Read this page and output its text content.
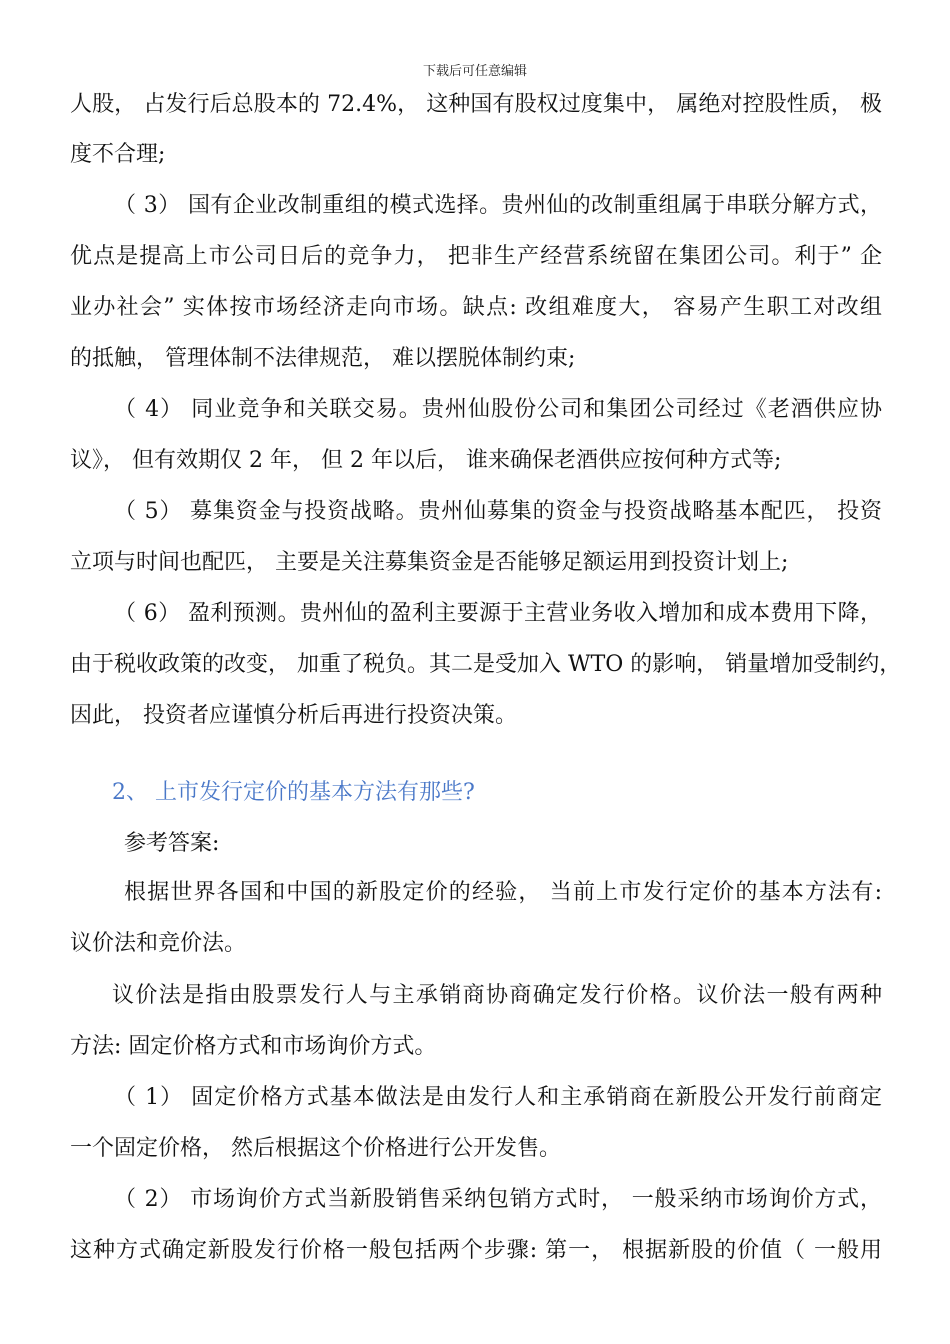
下载后可任意编辑
人股， 占发行后总股本的 72.4%， 这种国有股权过度集中， 属绝对控股性质， 极
度不合理;
（ 3） 国有企业改制重组的模式选择。贵州仙的改制重组属于串联分解方式，
优点是提高上市公司日后的竞争力， 把非生产经营系统留在集团公司。利于” 企
业办社会” 实体按市场经济走向市场。缺点: 改组难度大， 容易产生职工对改组
的抵触， 管理体制不法律规范， 难以摆脱体制约束;
（ 4） 同业竞争和关联交易。贵州仙股份公司和集团公司经过《老酒供应协
议》， 但有效期仅 2 年， 但 2 年以后， 谁来确保老酒供应按何种方式等;
（ 5） 募集资金与投资战略。贵州仙募集的资金与投资战略基本配匹， 投资
立项与时间也配匹， 主要是关注募集资金是否能够足额运用到投资计划上;
（ 6） 盈利预测。贵州仙的盈利主要源于主营业务收入增加和成本费用下降，
由于税收政策的改变， 加重了税负。其二是受加入 WTO 的影响， 销量增加受制约，
因此， 投资者应谨慎分析后再进行投资决策。
2、 上市发行定价的基本方法有那些?
参考答案:
根据世界各国和中国的新股定价的经验， 当前上市发行定价的基本方法有:
议价法和竞价法。
议价法是指由股票发行人与主承销商协商确定发行价格。议价法一般有两种
方法: 固定价格方式和市场询价方式。
（ 1） 固定价格方式基本做法是由发行人和主承销商在新股公开发行前商定
一个固定价格， 然后根据这个价格进行公开发售。
（ 2） 市场询价方式当新股销售采纳包销方式时， 一般采纳市场询价方式，
这种方式确定新股发行价格一般包括两个步骤: 第一， 根据新股的价值（ 一般用
